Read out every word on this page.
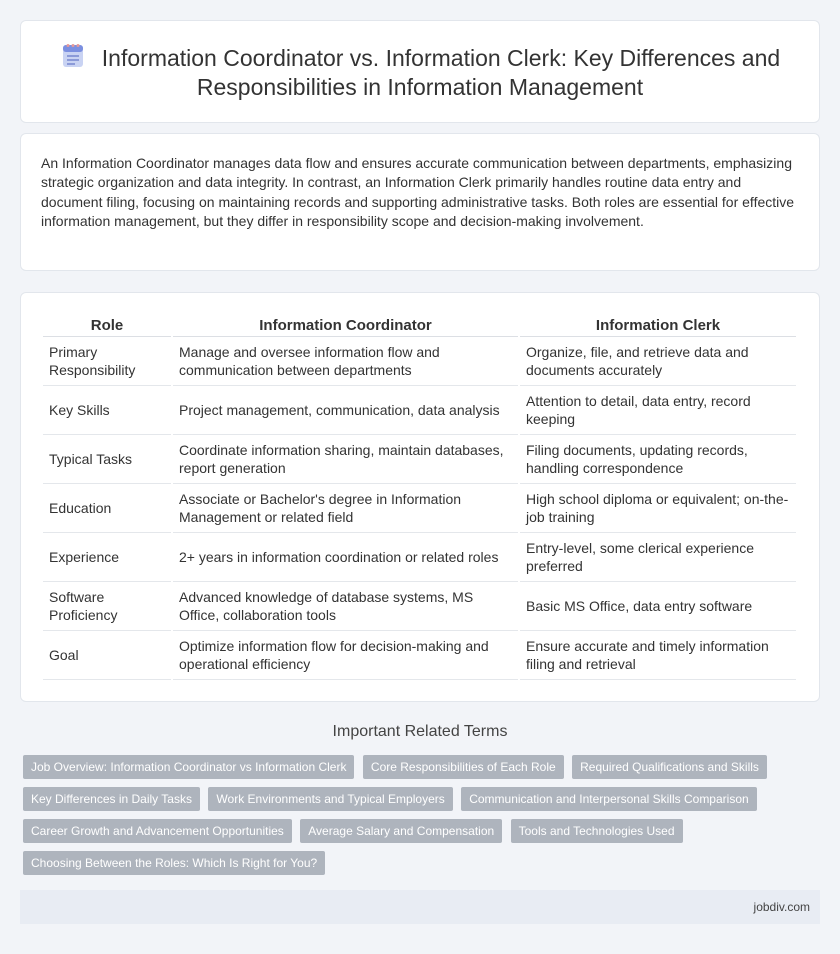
Information Coordinator vs. Information Clerk: Key Differences and Responsibilities in Information Management

An Information Coordinator manages data flow and ensures accurate communication between departments, emphasizing strategic organization and data integrity. In contrast, an Information Clerk primarily handles routine data entry and document filing, focusing on maintaining records and supporting administrative tasks. Both roles are essential for effective information management, but they differ in responsibility scope and decision-making involvement.

Role	Information Coordinator	Information Clerk
Primary Responsibility	Manage and oversee information flow and communication between departments	Organize, file, and retrieve data and documents accurately
Key Skills	Project management, communication, data analysis	Attention to detail, data entry, record keeping
Typical Tasks	Coordinate information sharing, maintain databases, report generation	Filing documents, updating records, handling correspondence
Education	Associate or Bachelor's degree in Information Management or related field	High school diploma or equivalent; on-the-job training
Experience	2+ years in information coordination or related roles	Entry-level, some clerical experience preferred
Software Proficiency	Advanced knowledge of database systems, MS Office, collaboration tools	Basic MS Office, data entry software
Goal	Optimize information flow for decision-making and operational efficiency	Ensure accurate and timely information filing and retrieval
Important Related Terms
Job Overview: Information Coordinator vs Information Clerk Core Responsibilities of Each Role Required Qualifications and Skills Key Differences in Daily Tasks Work Environments and Typical Employers Communication and Interpersonal Skills Comparison Career Growth and Advancement Opportunities Average Salary and Compensation Tools and Technologies Used Choosing Between the Roles: Which Is Right for You?
jobdiv.com
